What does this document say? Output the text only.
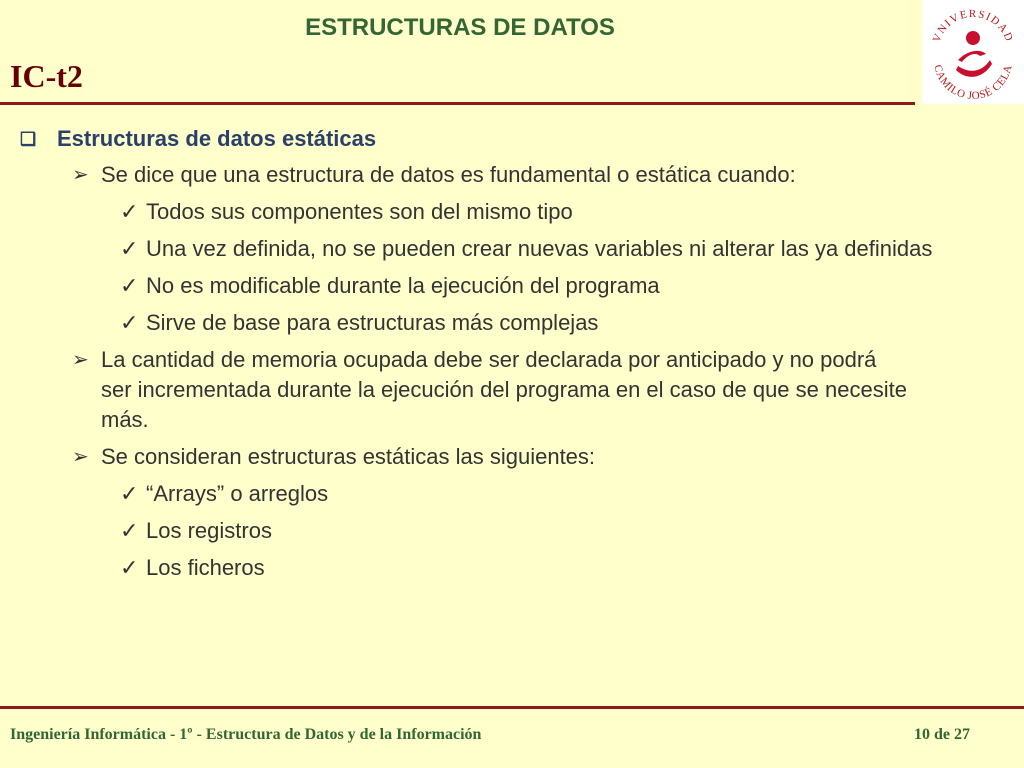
ESTRUCTURAS DE DATOS
IC-t2
VNIVERSIDAD
CAMILO JOSÉ CELA
❑ Estructuras de datos estáticas
➢ Se dice que una estructura de datos es fundamental o estática cuando:
✓ Todos sus componentes son del mismo tipo
✓ Una vez definida, no se pueden crear nuevas variables ni alterar las ya definidas
✓ No es modificable durante la ejecución del programa
✓ Sirve de base para estructuras más complejas
➢ La cantidad de memoria ocupada debe ser declarada por anticipado y no podrá ser incrementada durante la ejecución del programa en el caso de que se necesite más.
➢ Se consideran estructuras estáticas las siguientes:
✓ “Arrays” o arreglos
✓ Los registros
✓ Los ficheros
Ingeniería Informática - 1º - Estructura de Datos y de la Información	10 de 27
